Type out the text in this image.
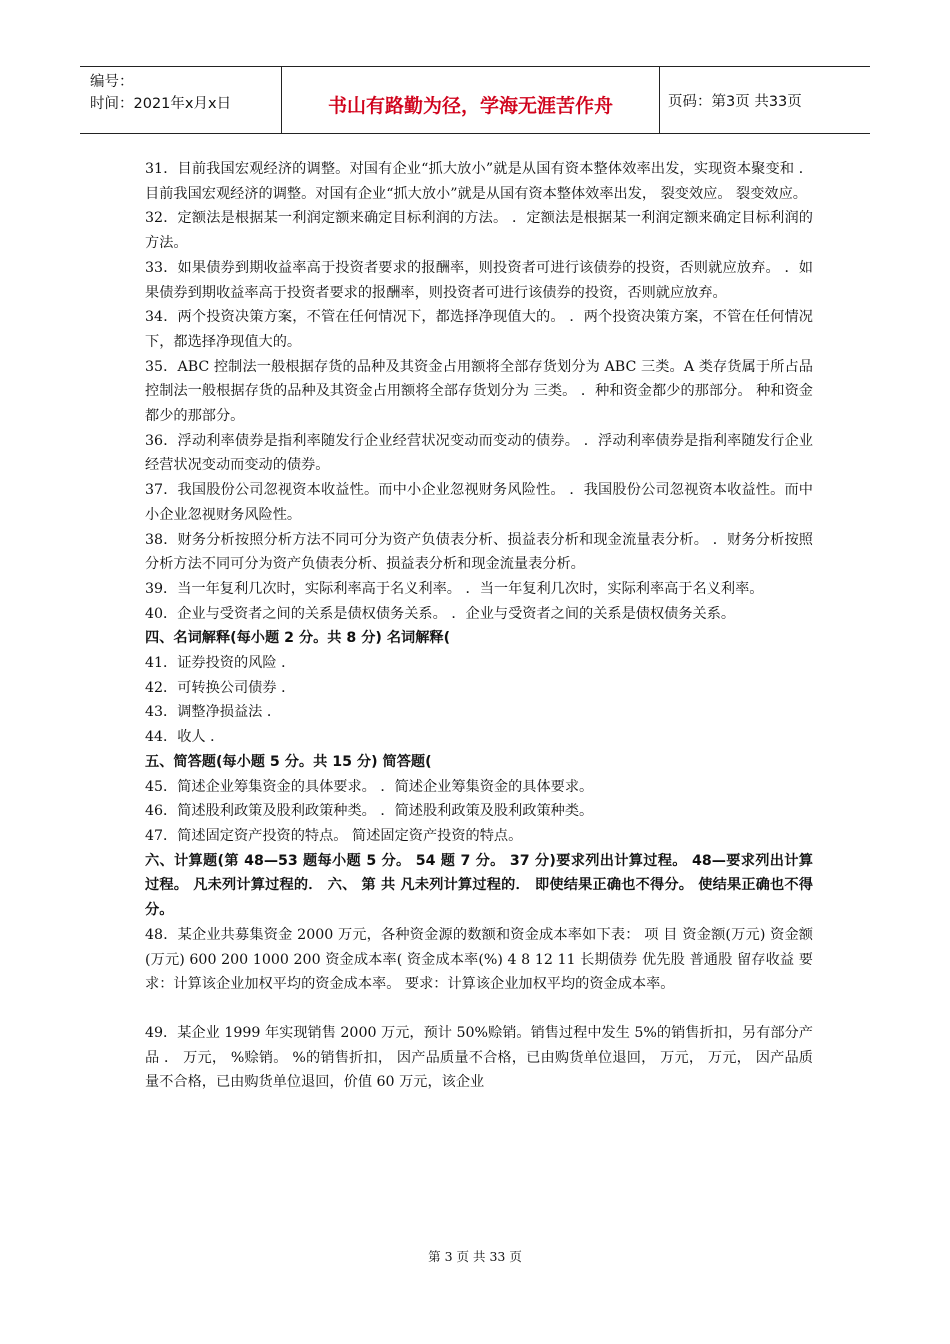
编号：
时间：2021年x月x日	书山有路勤为径，学海无涯苦作舟	页码：第3页 共33页

31．目前我国宏观经济的调整。对国有企业“抓大放小”就是从国有资本整体效率出发，实现资本聚变和 ．目前我国宏观经济的调整。对国有企业“抓大放小”就是从国有资本整体效率出发， 裂变效应。 裂变效应。

32．定额法是根据某一利润定额来确定目标利润的方法。 ．定额法是根据某一利润定额来确定目标利润的方法。

33．如果债券到期收益率高于投资者要求的报酬率，则投资者可进行该债券的投资，否则就应放弃。 ．如果债券到期收益率高于投资者要求的报酬率，则投资者可进行该债券的投资，否则就应放弃。

34．两个投资决策方案，不管在任何情况下，都选择净现值大的。 ．两个投资决策方案，不管在任何情况下，都选择净现值大的。

35．ABC 控制法一般根据存货的品种及其资金占用额将全部存货划分为 ABC 三类。A 类存货属于所占品 控制法一般根据存货的品种及其资金占用额将全部存货划分为 三类。 ．种和资金都少的那部分。 种和资金都少的那部分。

36．浮动利率债券是指利率随发行企业经营状况变动而变动的债券。 ．浮动利率债券是指利率随发行企业经营状况变动而变动的债券。

37．我国股份公司忽视资本收益性。而中小企业忽视财务风险性。 ．我国股份公司忽视资本收益性。而中小企业忽视财务风险性。

38．财务分析按照分析方法不同可分为资产负债表分析、损益表分析和现金流量表分析。 ．财务分析按照分析方法不同可分为资产负债表分析、损益表分析和现金流量表分析。

39．当一年复利几次时，实际利率高于名义利率。 ．当一年复利几次时，实际利率高于名义利率。

40．企业与受资者之间的关系是债权债务关系。 ．企业与受资者之间的关系是债权债务关系。

四、名词解释(每小题 2 分。共 8 分) 名词解释(

41．证券投资的风险 ．

42．可转换公司债券 ．

43．调整净损益法 ．

44．收人 ．

五、简答题(每小题 5 分。共 15 分) 简答题(

45．简述企业筹集资金的具体要求。 ．简述企业筹集资金的具体要求。

46．简述股利政策及股利政策种类。 ．简述股利政策及股利政策种类。

47．简述固定资产投资的特点。 简述固定资产投资的特点。

六、计算题(第 48—53 题每小题 5 分。 54 题 7 分。 37 分)要求列出计算过程。 48—要求列出计算过程。 凡未列计算过程的． 六、 第 共 凡未列计算过程的． 即使结果正确也不得分。 使结果正确也不得分。

48．某企业共募集资金 2000 万元，各种资金源的数额和资金成本率如下表： 项 目 资金额(万元) 资金额(万元) 600 200 1000 200 资金成本率( 资金成本率(%) 4 8 12 11 长期债券 优先股 普通股 留存收益 要求：计算该企业加权平均的资金成本率。 要求：计算该企业加权平均的资金成本率。

49．某企业 1999 年实现销售 2000 万元，预计 50%赊销。销售过程中发生 5%的销售折扣，另有部分产品 ． 万元， %赊销。 %的销售折扣， 因产品质量不合格，已由购货单位退回， 万元， 万元， 因产品质量不合格，已由购货单位退回，价值 60 万元，该企业

第 3 页 共 33 页
